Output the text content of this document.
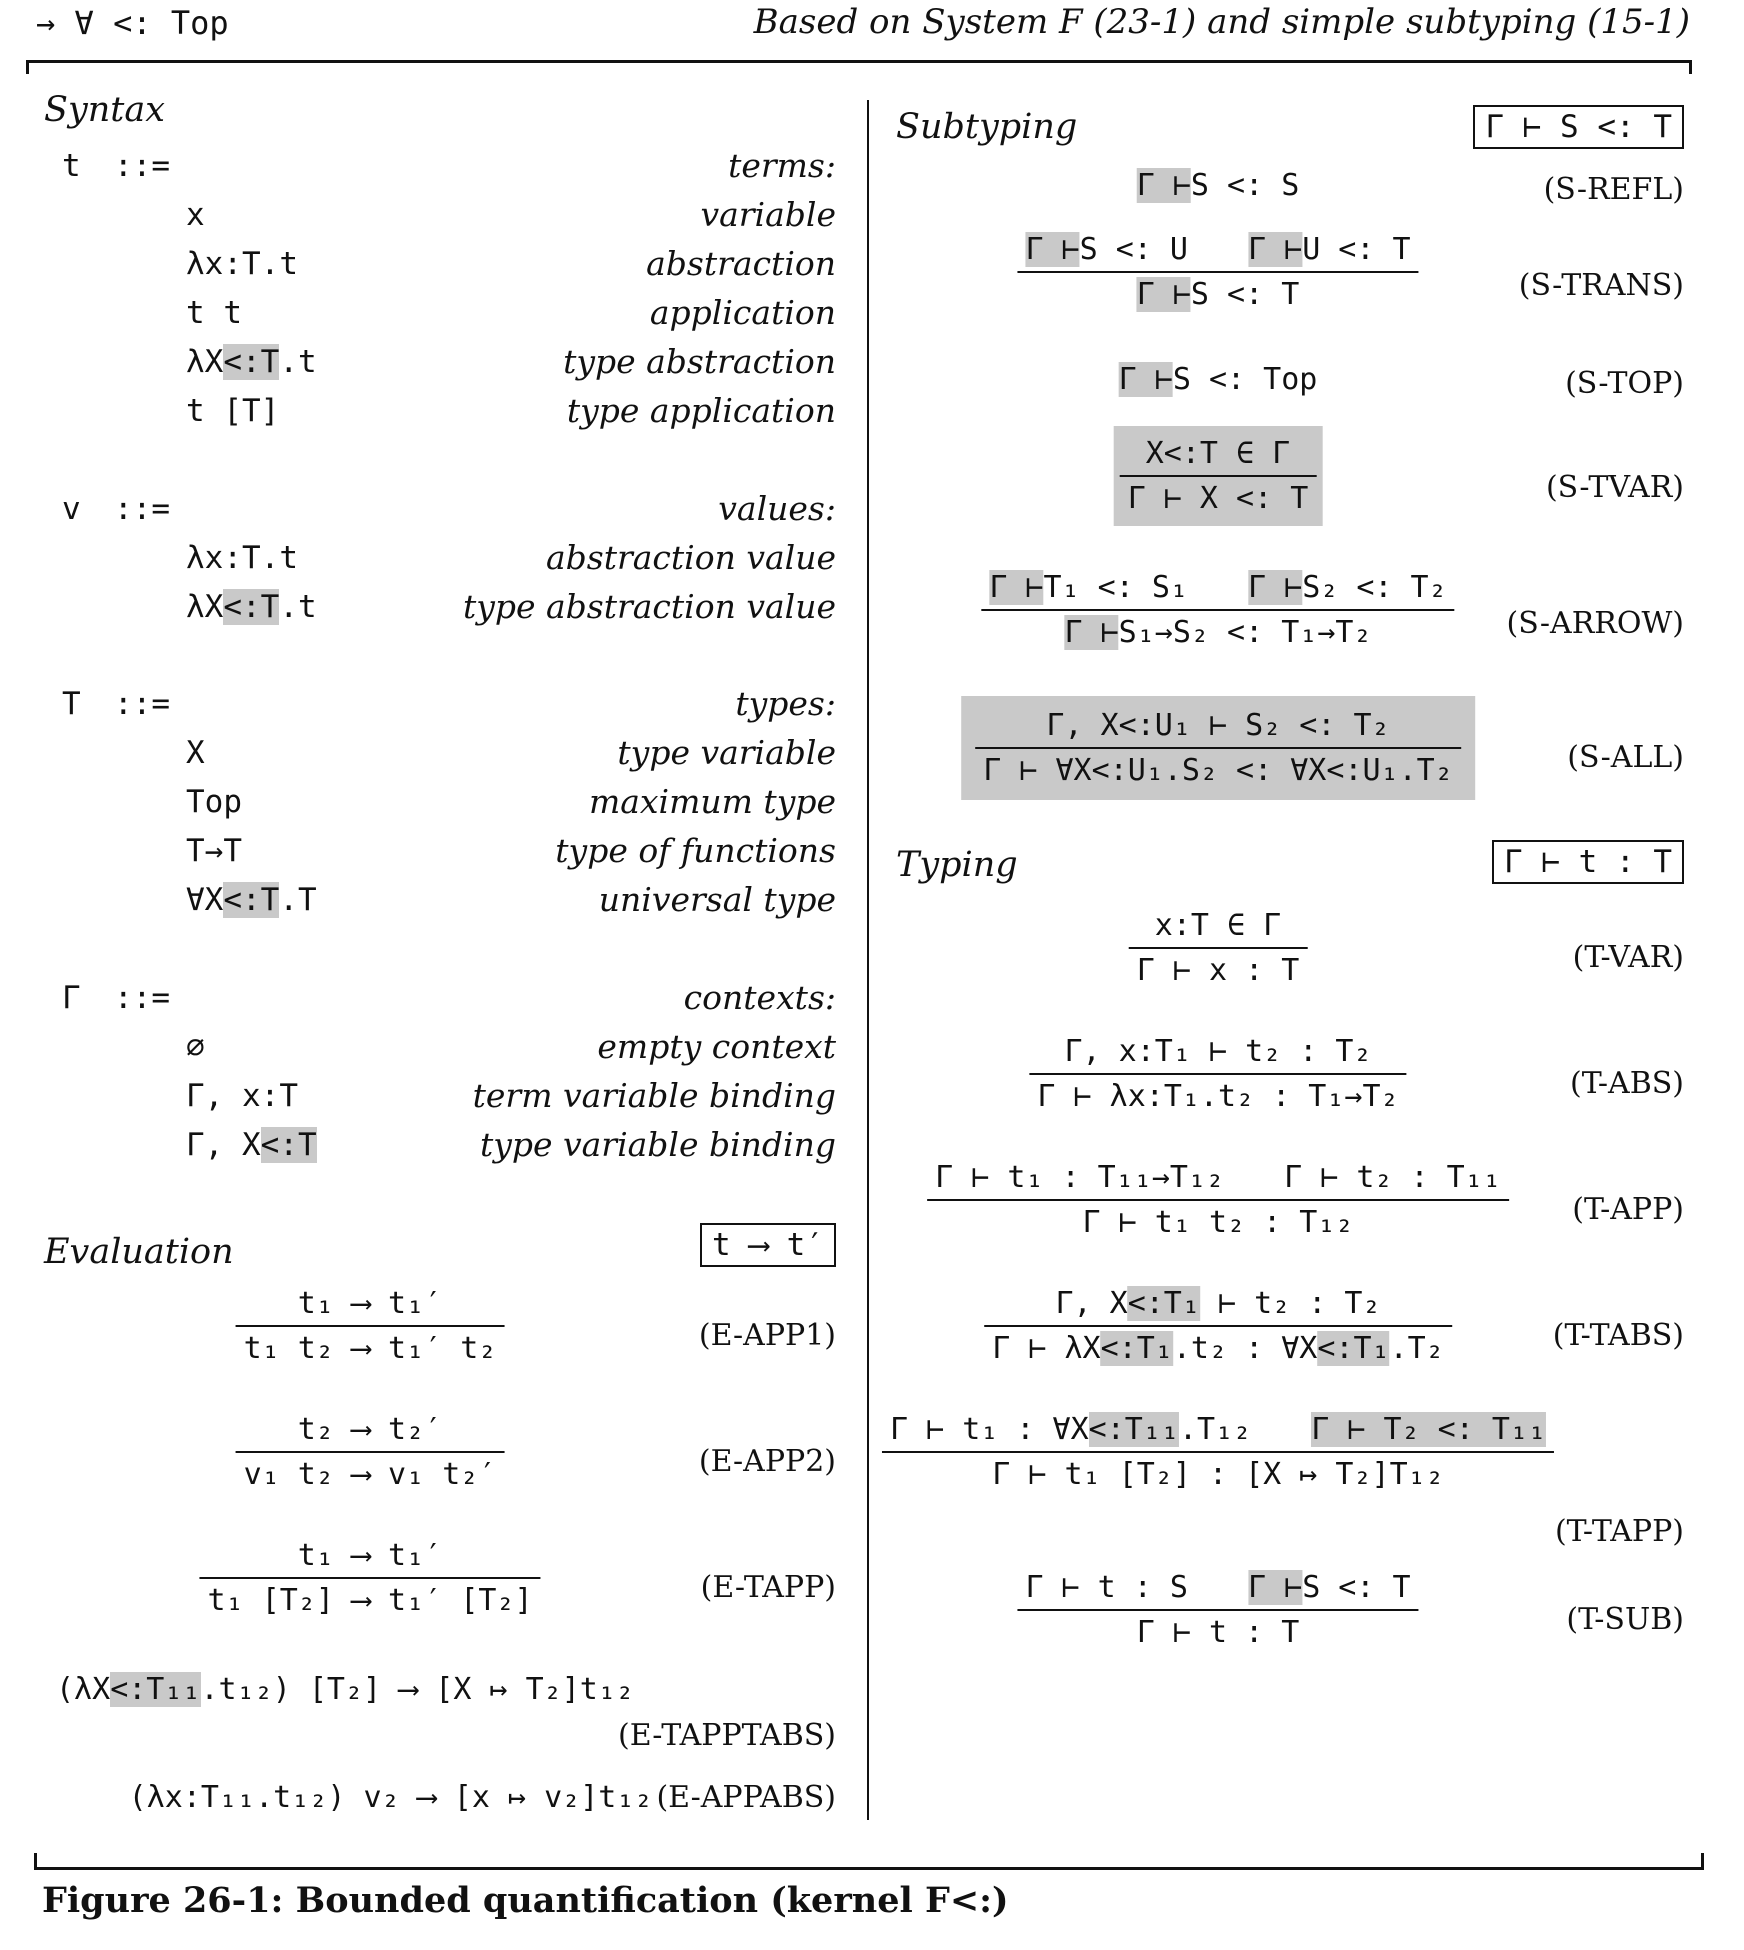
→ ∀ <: Top	Based on System F (23-1) and simple subtyping (15-1)
Syntax
t ::=	terms:
x	variable
λx:T.t	abstraction
t t	application
λX<:T.t	type abstraction
t [T]	type application
v ::=	values:
λx:T.t	abstraction value
λX<:T.t	type abstraction value
T ::=	types:
X	type variable
Top	maximum type
T→T	type of functions
∀X<:T.T	universal type
Γ ::=	contexts:
∅	empty context
Γ, x:T	term variable binding
Γ, X<:T	type variable binding
Evaluation	t ⟶ t′
$\frac{\text{t₁ ⟶ t₁′}}{\text{t₁ t₂ ⟶ t₁′ t₂}}$	(E-APP1)
$\frac{\text{t₂ ⟶ t₂′}}{\text{v₁ t₂ ⟶ v₁ t₂′}}$	(E-APP2)
$\frac{\text{t₁ ⟶ t₁′}}{\text{t₁ [T₂] ⟶ t₁′ [T₂]}}$	(E-TAPP)
(λX<:T₁₁.t₁₂) [T₂] ⟶ [X ↦ T₂]t₁₂
(E-TAPPTABS)
(λx:T₁₁.t₁₂) v₂ ⟶ [x ↦ v₂]t₁₂ (E-APPABS)
Subtyping	Γ ⊢ S <: T
Γ ⊢S <: S	(S-REFL)
$\frac{\text{Γ ⊢S <: U Γ ⊢U <: T}}{\Gamma ⊢S <: T}$	(S-TRANS)
Γ ⊢S <: Top	(S-TOP)
$\frac{X<:T \in \Gamma}{\Gamma ⊢ X <: T}$	(S-TVAR)
$\frac{\text{Γ ⊢T₁ <: S₁ Γ ⊢S₂ <: T₂}}{\text{Γ ⊢S₁→S₂ <: T₁→T₂}}$ (S-ARROW)
$\frac{\text{Γ, X<:U₁ ⊢ S₂ <: T₂}}{\text{Γ ⊢ ∀X<:U₁.S₂ <: ∀X<:U₁.T₂}}$	(S-ALL)
Typing	Γ ⊢ t : T
$\frac{x:T \in \Gamma}{\Gamma ⊢ x : T}$	(T-VAR)
$\frac{\text{Γ, x:T₁ ⊢ t₂ : T₂}}{\text{Γ ⊢ λx:T₁.t₂ : T₁→T₂}}$	(T-ABS)
$\frac{\text{Γ ⊢ t₁ : T₁₁→T₁₂ Γ ⊢ t₂ : T₁₁}}{\text{Γ ⊢ t₁ t₂ : T₁₂}} (T-APP)$
$\frac{\text{Γ, X<:T₁ ⊢ t₂ : T₂}}{\text{Γ ⊢ λX<:T₁.t₂ : ∀X<:T₁.T₂}}$	(T-TABS)
$\frac{\text{Γ ⊢ t₁ : ∀X<:T₁₁.T₁₂ Γ ⊢ T₂ <: T₁₁}}{\text{Γ ⊢ t₁ [T₂] : [X ↦ T₂]T₁₂}}$
(T-TAPP)
$\frac{\text{Γ ⊢ t : S Γ ⊢S <: T}}{\Gamma ⊢ t : T}$	(T-SUB)
Figure 26-1: Bounded quantification (kernel F<:)
